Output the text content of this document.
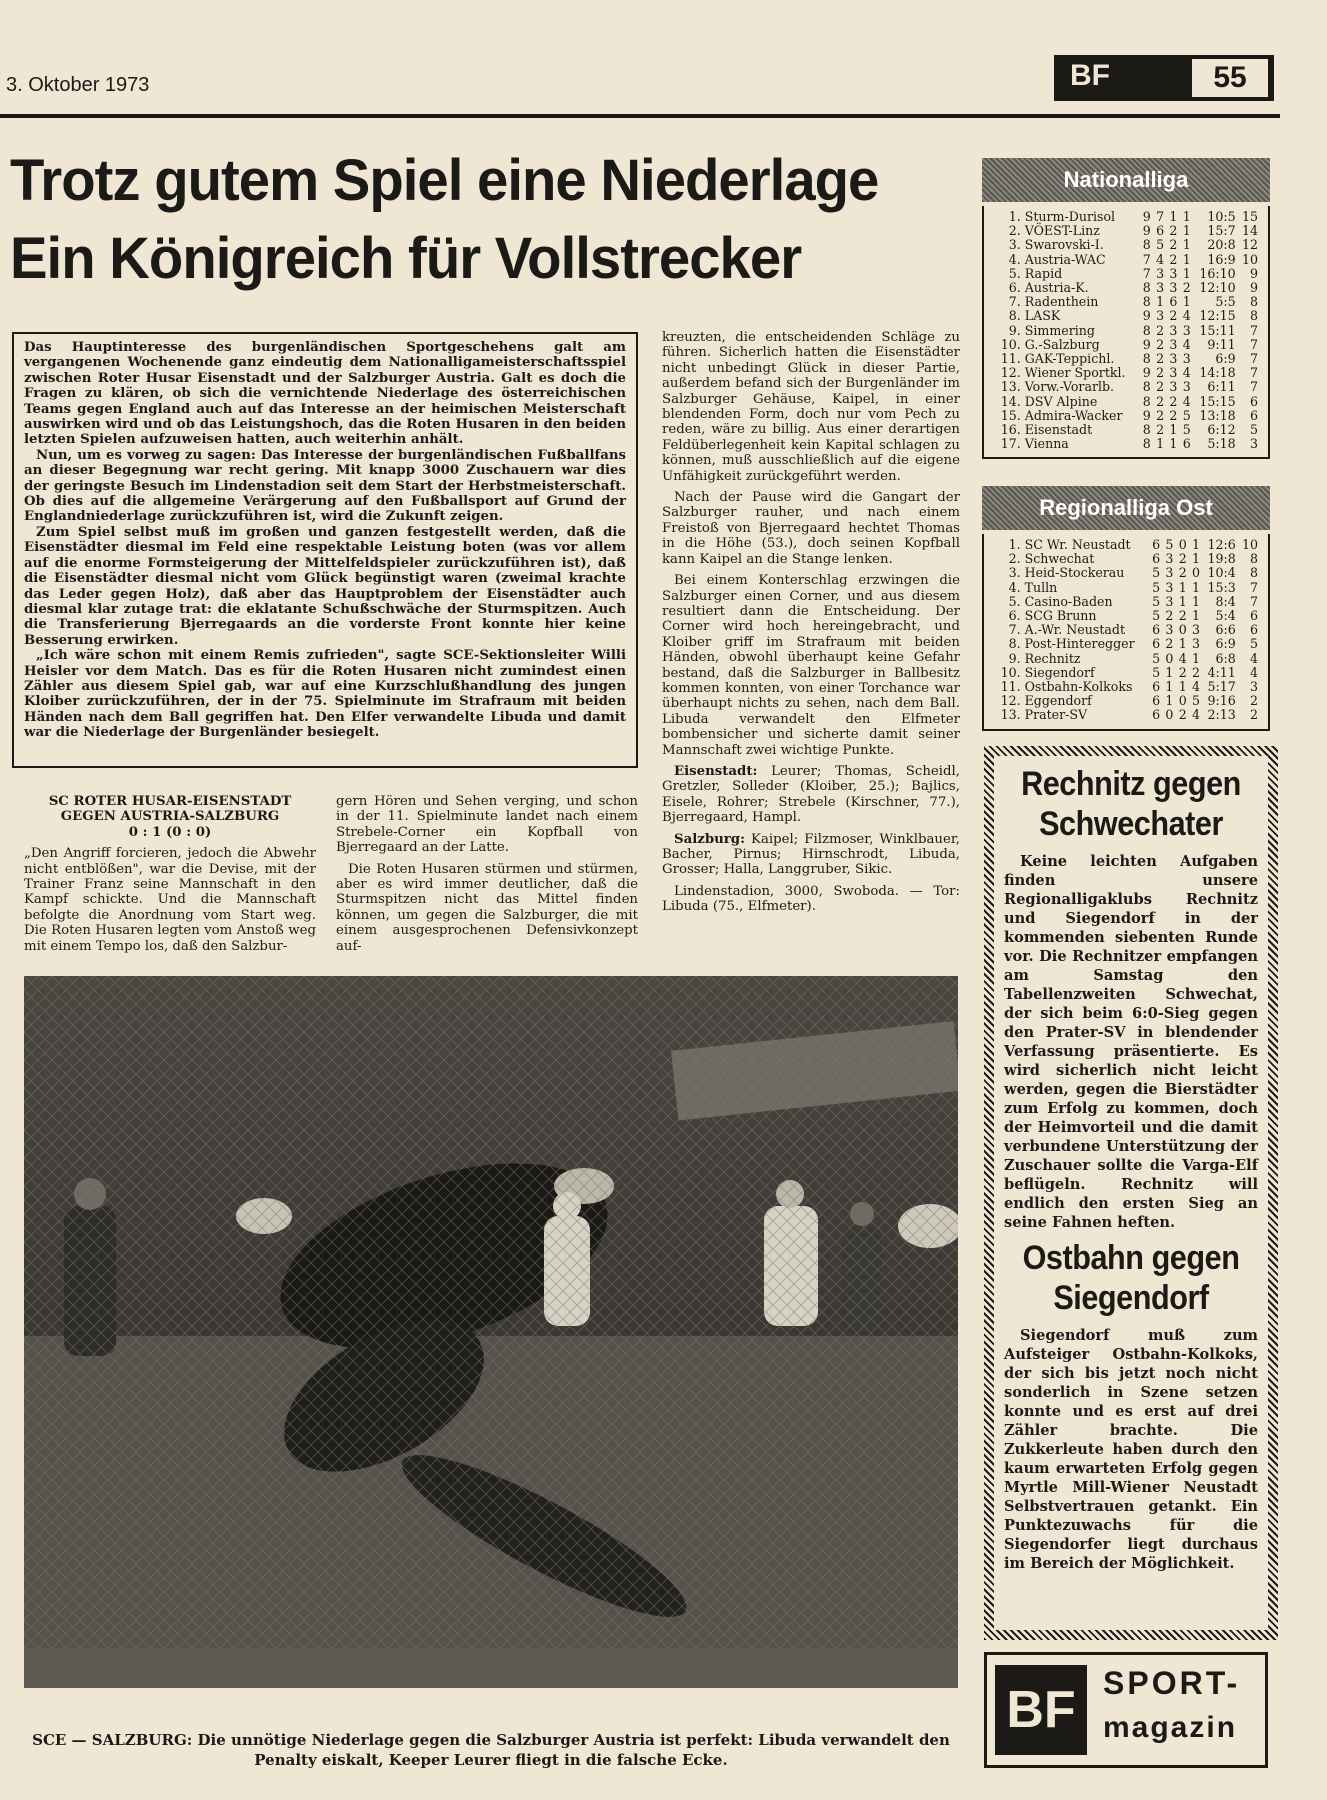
3. Oktober 1973	BF	55
Trotz gutem Spiel eine Niederlage
Ein Königreich für Vollstrecker

Das Hauptinteresse des burgenländischen Sportgeschehens galt am vergangenen Wochenende ganz eindeutig dem Nationalligameisterschaftsspiel zwischen Roter Husar Eisenstadt und der Salzburger Austria. Galt es doch die Fragen zu klären, ob sich die vernichtende Niederlage des österreichischen Teams gegen England auch auf das Interesse an der heimischen Meisterschaft auswirken wird und ob das Leistungshoch, das die Roten Husaren in den beiden letzten Spielen aufzuweisen hatten, auch weiterhin anhält.

Nun, um es vorweg zu sagen: Das Interesse der burgenländischen Fußballfans an dieser Begegnung war recht gering. Mit knapp 3000 Zuschauern war dies der geringste Besuch im Lindenstadion seit dem Start der Herbstmeisterschaft. Ob dies auf die allgemeine Verärgerung auf den Fußballsport auf Grund der Englandniederlage zurückzuführen ist, wird die Zukunft zeigen.

Zum Spiel selbst muß im großen und ganzen festgestellt werden, daß die Eisenstädter diesmal im Feld eine respektable Leistung boten (was vor allem auf die enorme Formsteigerung der Mittelfeldspieler zurückzuführen ist), daß die Eisenstädter diesmal nicht vom Glück begünstigt waren (zweimal krachte das Leder gegen Holz), daß aber das Hauptproblem der Eisenstädter auch diesmal klar zutage trat: die eklatante Schußschwäche der Sturmspitzen. Auch die Transferierung Bjerregaards an die vorderste Front konnte hier keine Besserung erwirken.

„Ich wäre schon mit einem Remis zufrieden", sagte SCE-Sektionsleiter Willi Heisler vor dem Match. Das es für die Roten Husaren nicht zumindest einen Zähler aus diesem Spiel gab, war auf eine Kurzschlußhandlung des jungen Kloiber zurückzuführen, der in der 75. Spielminute im Strafraum mit beiden Händen nach dem Ball gegriffen hat. Den Elfer verwandelte Libuda und damit war die Niederlage der Burgenländer besiegelt.

kreuzten, die entscheidenden Schläge zu führen. Sicherlich hatten die Eisenstädter nicht unbedingt Glück in dieser Partie, außerdem befand sich der Burgenländer im Salzburger Gehäuse, Kaipel, in einer blendenden Form, doch nur vom Pech zu reden, wäre zu billig. Aus einer derartigen Feldüberlegenheit kein Kapital schlagen zu können, muß ausschließlich auf die eigene Unfähigkeit zurückgeführt werden.

Nach der Pause wird die Gangart der Salzburger rauher, und nach einem Freistoß von Bjerregaard hechtet Thomas in die Höhe (53.), doch seinen Kopfball kann Kaipel an die Stange lenken.

Bei einem Konterschlag erzwingen die Salzburger einen Corner, und aus diesem resultiert dann die Entscheidung. Der Corner wird hoch hereingebracht, und Kloiber griff im Strafraum mit beiden Händen, obwohl überhaupt keine Gefahr bestand, daß die Salzburger in Ballbesitz kommen konnten, von einer Torchance war überhaupt nichts zu sehen, nach dem Ball. Libuda verwandelt den Elfmeter bombensicher und sicherte damit seiner Mannschaft zwei wichtige Punkte.

Eisenstadt: Leurer; Thomas, Scheidl, Gretzler, Solleder (Kloiber, 25.); Bajlics, Eisele, Rohrer; Strebele (Kirschner, 77.), Bjerregaard, Hampl.

Salzburg: Kaipel; Filzmoser, Winklbauer, Bacher, Pirnus; Hirnschrodt, Libuda, Grosser; Halla, Langgruber, Sikic.

Lindenstadion, 3000, Swoboda. — Tor: Libuda (75., Elfmeter).

SC ROTER HUSAR-EISENSTADT
GEGEN AUSTRIA-SALZBURG
0 : 1 (0 : 0)

„Den Angriff forcieren, jedoch die Abwehr nicht entblößen", war die Devise, mit der Trainer Franz seine Mannschaft in den Kampf schickte. Und die Mannschaft befolgte die Anordnung vom Start weg. Die Roten Husaren legten vom Anstoß weg mit einem Tempo los, daß den Salzbur-

gern Hören und Sehen verging, und schon in der 11. Spielminute landet nach einem Strebele-Corner ein Kopfball von Bjerregaard an der Latte.

Die Roten Husaren stürmen und stürmen, aber es wird immer deutlicher, daß die Sturmspitzen nicht das Mittel finden können, um gegen die Salzburger, die mit einem ausgesprochenen Defensivkonzept auf-

SCE — SALZBURG: Die unnötige Niederlage gegen die Salzburger Austria ist perfekt: Libuda verwandelt den Penalty eiskalt, Keeper Leurer fliegt in die falsche Ecke.
Nationalliga
1.	Sturm-Durisol	9	7	1	1	10:5	15
2.	VÖEST-Linz	9	6	2	1	15:7	14
3.	Swarovski-I.	8	5	2	1	20:8	12
4.	Austria-WAC	7	4	2	1	16:9	10
5.	Rapid	7	3	3	1	16:10	9
6.	Austria-K.	8	3	3	2	12:10	9
7.	Radenthein	8	1	6	1	5:5	8
8.	LASK	9	3	2	4	12:15	8
9.	Simmering	8	2	3	3	15:11	7
10.	G.-Salzburg	9	2	3	4	9:11	7
11.	GAK-Teppichl.	8	2	3	3	6:9	7
12.	Wiener Sportkl.	9	2	3	4	14:18	7
13.	Vorw.-Vorarlb.	8	2	3	3	6:11	7
14.	DSV Alpine	8	2	2	4	15:15	6
15.	Admira-Wacker	9	2	2	5	13:18	6
16.	Eisenstadt	8	2	1	5	6:12	5
17.	Vienna	8	1	1	6	5:18	3
Regionalliga Ost
1.	SC Wr. Neustadt	6	5	0	1	12:6	10
2.	Schwechat	6	3	2	1	19:8	8
3.	Heid-Stockerau	5	3	2	0	10:4	8
4.	Tulln	5	3	1	1	15:3	7
5.	Casino-Baden	5	3	1	1	8:4	7
6.	SCG Brunn	5	2	2	1	5:4	6
7.	A.-Wr. Neustadt	6	3	0	3	6:6	6
8.	Post-Hinteregger	6	2	1	3	6:9	5
9.	Rechnitz	5	0	4	1	6:8	4
10.	Siegendorf	5	1	2	2	4:11	4
11.	Ostbahn-Kolkoks	6	1	1	4	5:17	3
12.	Eggendorf	6	1	0	5	9:16	2
13.	Prater-SV	6	0	2	4	2:13	2
Rechnitz gegen Schwechater
Keine leichten Aufgaben finden unsere Regionalligaklubs Rechnitz und Siegendorf in der kommenden siebenten Runde vor. Die Rechnitzer empfangen am Samstag den Tabellenzweiten Schwechat, der sich beim 6:0-Sieg gegen den Prater-SV in blendender Verfassung präsentierte. Es wird sicherlich nicht leicht werden, gegen die Bierstädter zum Erfolg zu kommen, doch der Heimvorteil und die damit verbundene Unterstützung der Zuschauer sollte die Varga-Elf beflügeln. Rechnitz will endlich den ersten Sieg an seine Fahnen heften.
Ostbahn gegen Siegendorf
Siegendorf muß zum Aufsteiger Ostbahn-Kolkoks, der sich bis jetzt noch nicht sonderlich in Szene setzen konnte und es erst auf drei Zähler brachte. Die Zukkerleute haben durch den kaum erwarteten Erfolg gegen Myrtle Mill-Wiener Neustadt Selbstvertrauen getankt. Ein Punktezuwachs für die Siegendorfer liegt durchaus im Bereich der Möglichkeit.
BF SPORT-
magazin
